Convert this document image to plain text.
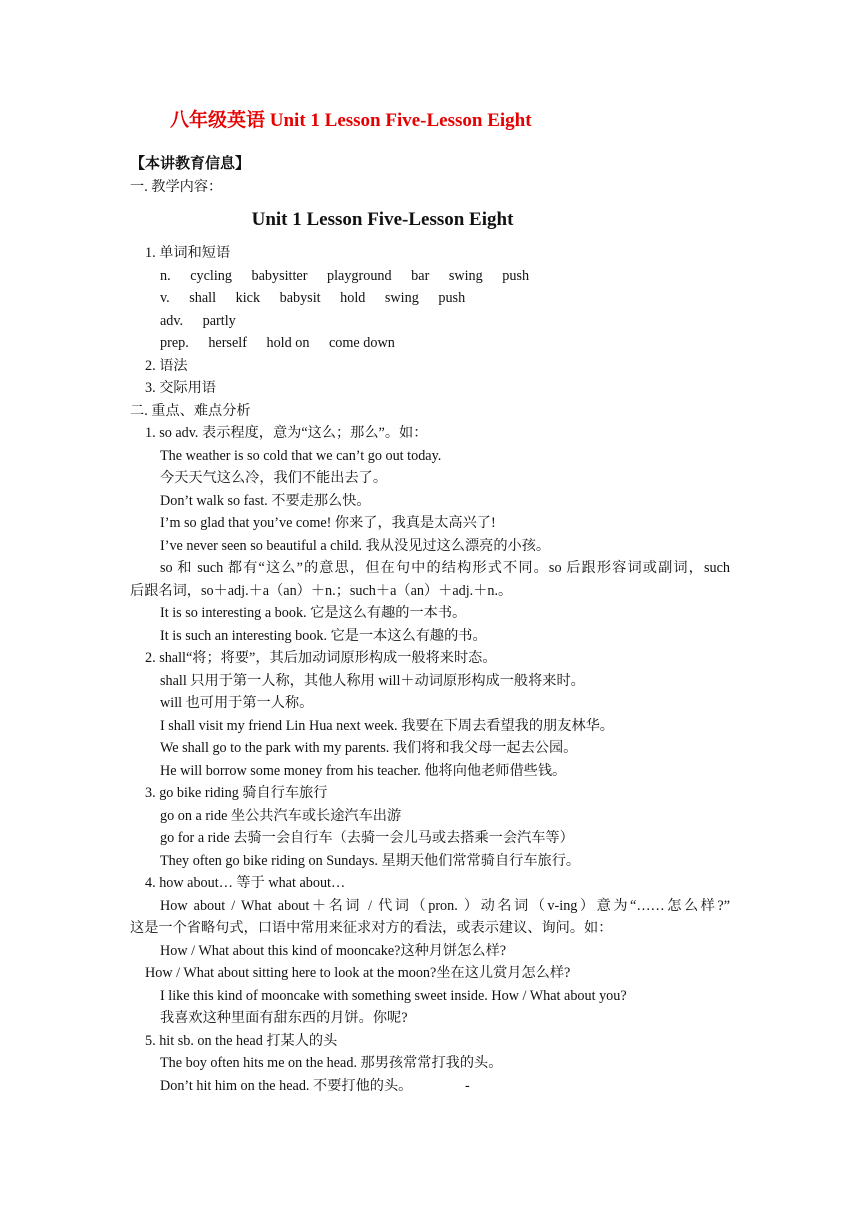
八年级英语 Unit 1 Lesson Five-Lesson Eight
【本讲教育信息】
一. 教学内容：
Unit 1 Lesson Five-Lesson Eight
1. 单词和短语
n. cycling babysitter playground bar swing push
v. shall kick babysit hold swing push
adv. partly
prep. herself hold on come down
2. 语法
3. 交际用语
二. 重点、难点分析
1. so adv. 表示程度，意为“这么；那么”。如：
The weather is so cold that we can’t go out today.
今天天气这么冷，我们不能出去了。
Don’t walk so fast. 不要走那么快。
I’m so glad that you’ve come! 你来了，我真是太高兴了!
I’ve never seen so beautiful a child. 我从没见过这么漂亮的小孩。
so 和 such 都有“这么”的意思，但在句中的结构形式不同。so 后跟形容词或副词，such
后跟名词，so＋adj.＋a（an）＋n.；such＋a（an）＋adj.＋n.。
It is so interesting a book. 它是这么有趣的一本书。
It is such an interesting book. 它是一本这么有趣的书。
2. shall“将；将要”，其后加动词原形构成一般将来时态。
shall 只用于第一人称，其他人称用 will＋动词原形构成一般将来时。
will 也可用于第一人称。
I shall visit my friend Lin Hua next week. 我要在下周去看望我的朋友林华。
We shall go to the park with my parents. 我们将和我父母一起去公园。
He will borrow some money from his teacher. 他将向他老师借些钱。
3. go bike riding 骑自行车旅行
go on a ride 坐公共汽车或长途汽车出游
go for a ride 去骑一会自行车（去骑一会儿马或去搭乘一会汽车等）
They often go bike riding on Sundays. 星期天他们常常骑自行车旅行。
4. how about… 等于 what about…
How about / What about＋名词 / 代词（pron. ）动名词（v-ing）意为“……怎么样?”
这是一个省略句式，口语中常用来征求对方的看法，或表示建议、询问。如：
How / What about this kind of mooncake?这种月饼怎么样?
How / What about sitting here to look at the moon?坐在这儿赏月怎么样?
I like this kind of mooncake with something sweet inside. How / What about you?
我喜欢这种里面有甜东西的月饼。你呢?
5. hit sb. on the head 打某人的头
The boy often hits me on the head. 那男孩常常打我的头。
Don’t hit him on the head. 不要打他的头。	-
